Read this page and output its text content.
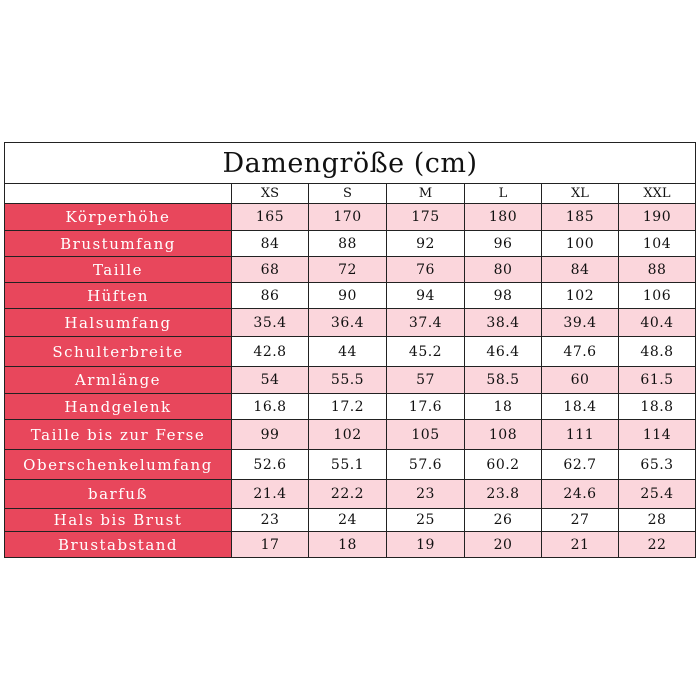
Damengröße (cm)						
	XS	S	M	L	XL	XXL
Körperhöhe	165	170	175	180	185	190
Brustumfang	84	88	92	96	100	104
Taille	68	72	76	80	84	88
Hüften	86	90	94	98	102	106
Halsumfang	35.4	36.4	37.4	38.4	39.4	40.4
Schulterbreite	42.8	44	45.2	46.4	47.6	48.8
Armlänge	54	55.5	57	58.5	60	61.5
Handgelenk	16.8	17.2	17.6	18	18.4	18.8
Taille bis zur Ferse	99	102	105	108	111	114
Oberschenkelumfang	52.6	55.1	57.6	60.2	62.7	65.3
barfuß	21.4	22.2	23	23.8	24.6	25.4
Hals bis Brust	23	24	25	26	27	28
Brustabstand	17	18	19	20	21	22
